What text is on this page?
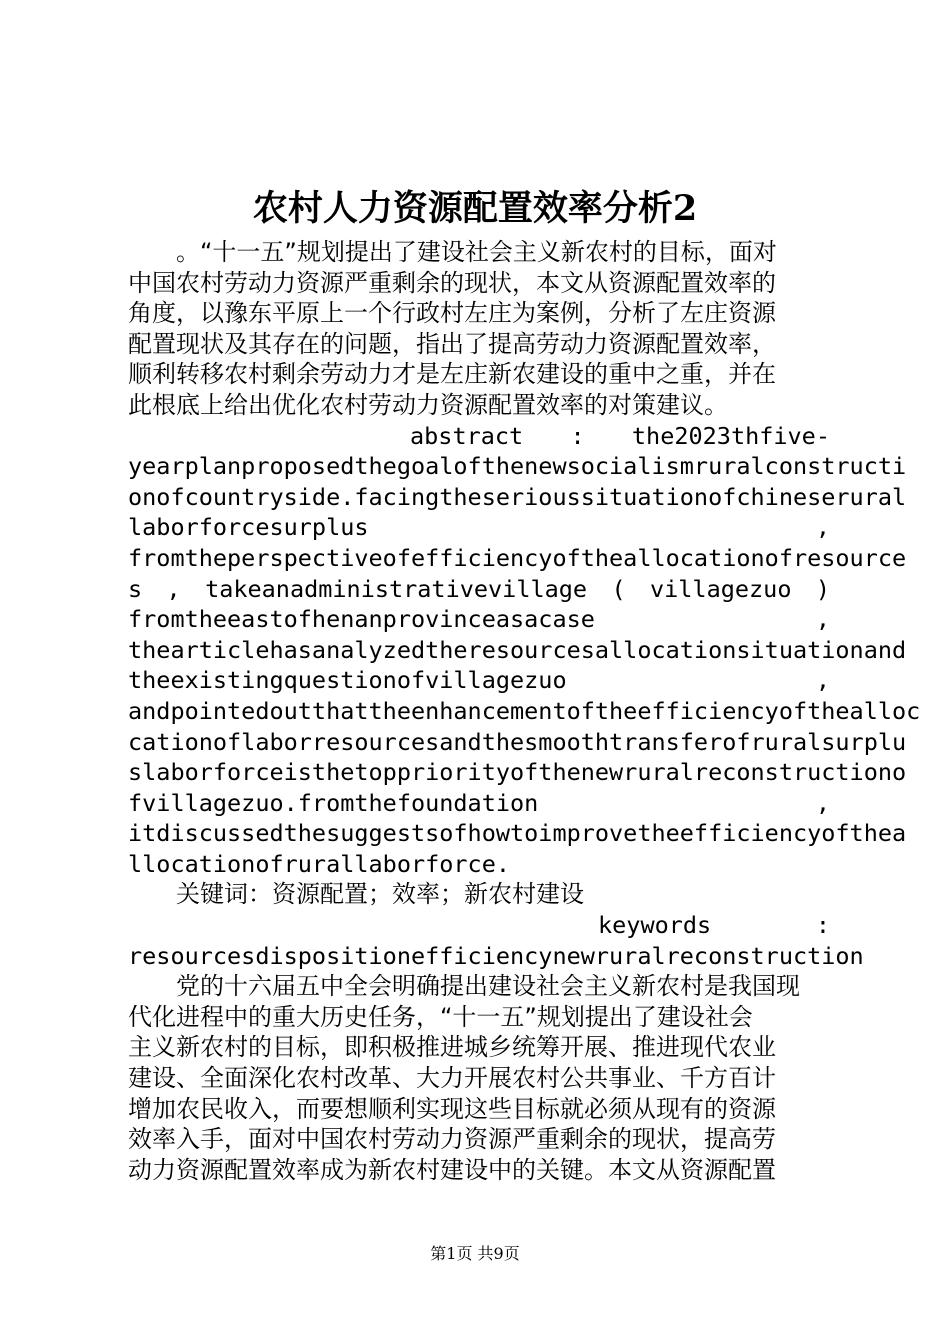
农村人力资源配置效率分析2
。“十一五”规划提出了建设社会主义新农村的目标，面对
中国农村劳动力资源严重剩余的现状，本文从资源配置效率的
角度，以豫东平原上一个行政村左庄为案例，分析了左庄资源
配置现状及其存在的问题，指出了提高劳动力资源配置效率，
顺利转移农村剩余劳动力才是左庄新农建设的重中之重，并在
此根底上给出优化农村劳动力资源配置效率的对策建议。
abstract : the2023thfive-
yearplanproposedthegoalofthenewsocialismruralconstructi
onofcountryside.facingtheserioussituationofchineserural
laborforcesurplus	,
fromtheperspectiveofefficiencyoftheallocationofresource
s , takeanadministrativevillage ( villagezuo )
fromtheeastofhenanprovinceasacase	,
thearticlehasanalyzedtheresourcesallocationsituationand
theexistingquestionofvillagezuo	,
andpointedoutthattheenhancementoftheefficiencyofthealloc
cationoflaborresourcesandthesmoothtransferofruralsurplu
slaborforceisthetoppriorityofthenewruralreconstructiono
fvillagezuo.fromthefoundation	,
itdiscussedthesuggestsofhowtoimprovetheefficiencyofthea
llocationofrurallaborforce.
关键词：资源配置；效率；新农村建设
keywords	:
resourcesdispositionefficiencynewruralreconstruction
党的十六届五中全会明确提出建设社会主义新农村是我国现
代化进程中的重大历史任务，“十一五”规划提出了建设社会
主义新农村的目标，即积极推进城乡统筹开展、推进现代农业
建设、全面深化农村改革、大力开展农村公共事业、千方百计
增加农民收入，而要想顺利实现这些目标就必须从现有的资源
效率入手，面对中国农村劳动力资源严重剩余的现状，提高劳
动力资源配置效率成为新农村建设中的关键。本文从资源配置
第1页 共9页
